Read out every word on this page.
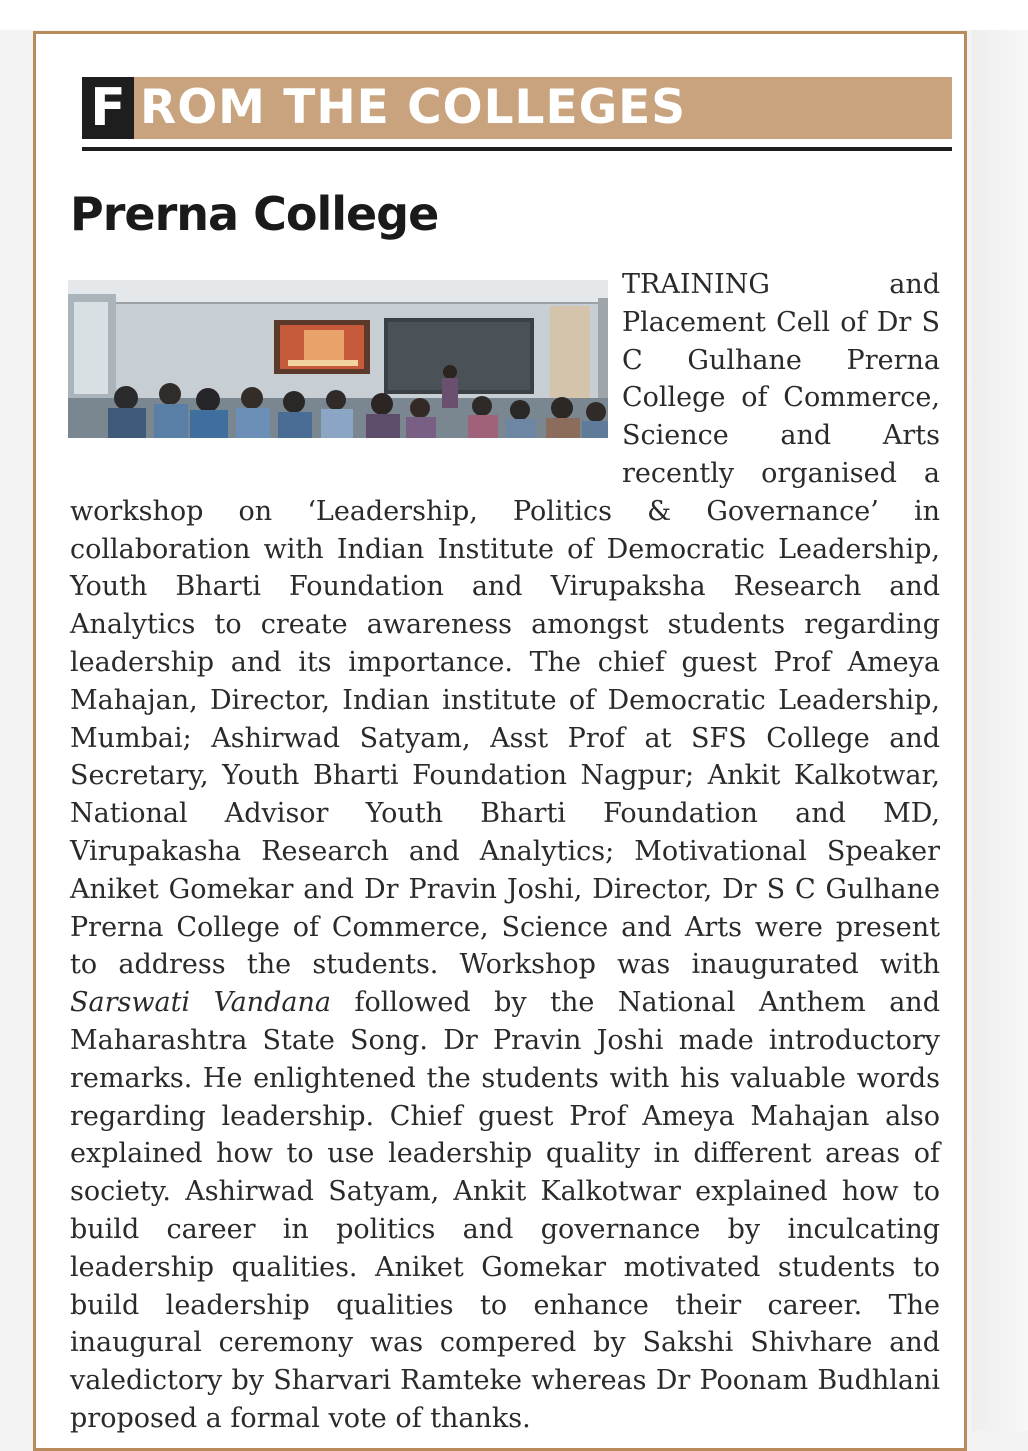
F ROM THE COLLEGES
Prerna College

TRAINING and Placement Cell of Dr S C Gulhane Prerna College of Commerce, Science and Arts recently organised a workshop on ‘Leadership, Politics & Governance’ in collaboration with Indian Institute of Democratic Leadership, Youth Bharti Foundation and Virupaksha Research and Analytics to create awareness amongst students regarding leadership and its importance. The chief guest Prof Ameya Mahajan, Director, Indian institute of Democratic Leadership, Mumbai; Ashirwad Satyam, Asst Prof at SFS College and Secretary, Youth Bharti Foundation Nagpur; Ankit Kalkotwar, National Advisor Youth Bharti Foundation and MD, Virupakasha Research and Analytics; Motivational Speaker Aniket Gomekar and Dr Pravin Joshi, Director, Dr S C Gulhane Prerna College of Commerce, Science and Arts were present to address the students. Workshop was inaugurated with Sarswati Vandana followed by the National Anthem and Maharashtra State Song. Dr Pravin Joshi made introductory remarks. He enlightened the students with his valuable words regarding leadership. Chief guest Prof Ameya Mahajan also explained how to use leadership quality in different areas of society. Ashirwad Satyam, Ankit Kalkotwar explained how to build career in politics and governance by inculcating leadership qualities. Aniket Gomekar motivated students to build leadership qualities to enhance their career. The inaugural ceremony was compered by Sakshi Shivhare and valedictory by Sharvari Ramteke whereas Dr Poonam Budhlani proposed a formal vote of thanks.
